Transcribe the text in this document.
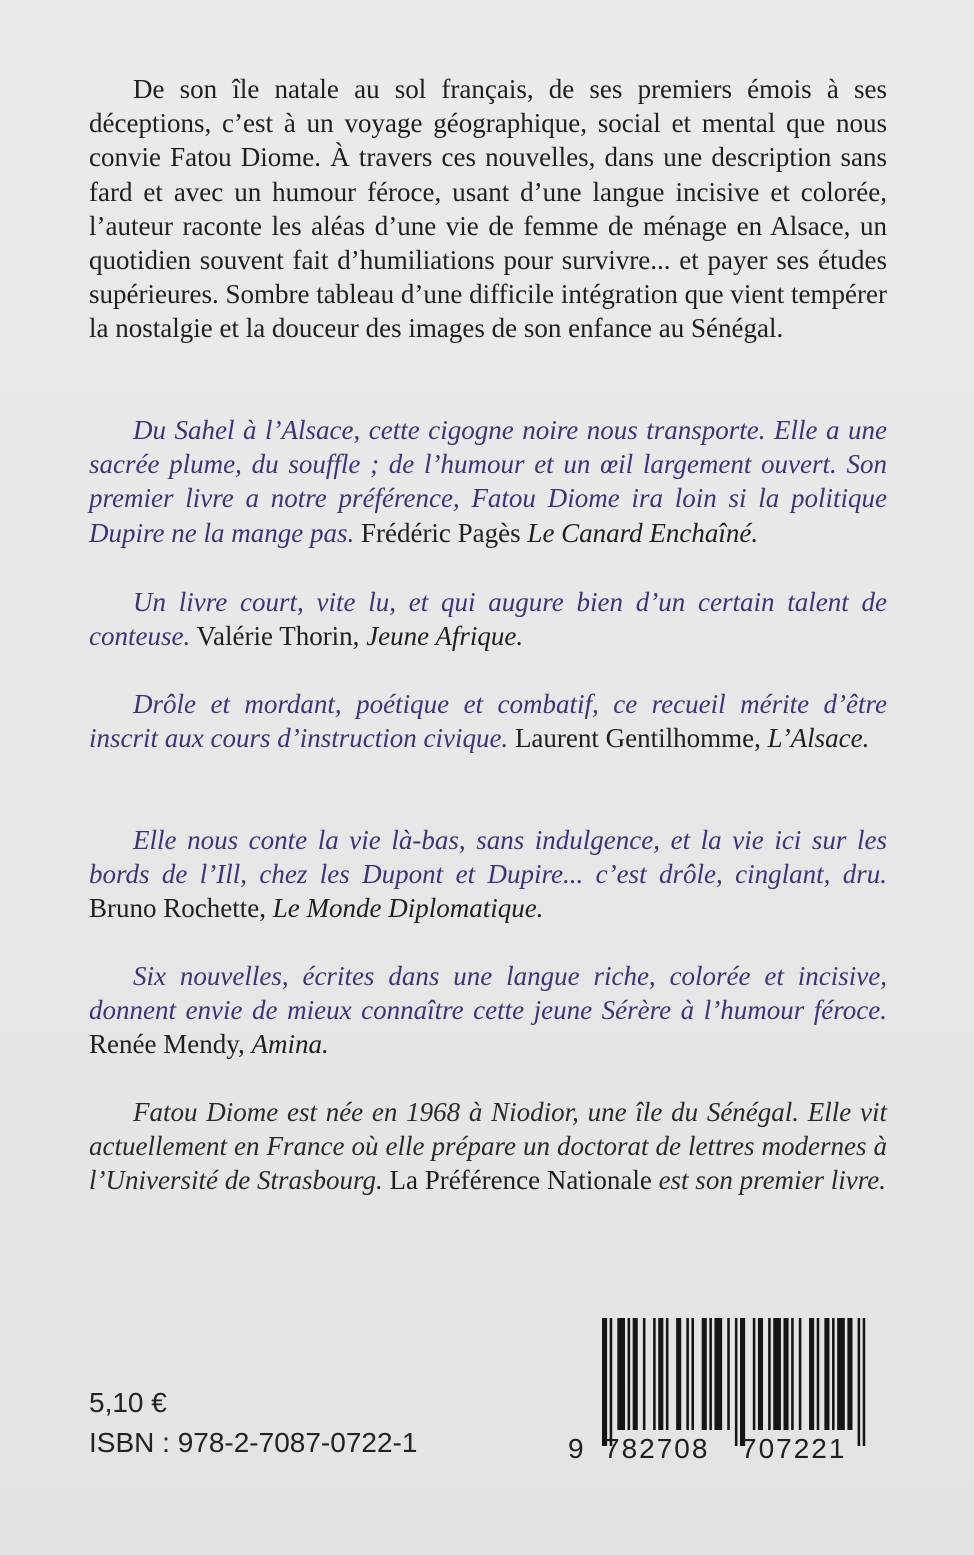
De son île natale au sol français, de ses premiers émois à ses déceptions, c’est à un voyage géographique, social et mental que nous convie Fatou Diome. À travers ces nouvelles, dans une description sans fard et avec un humour féroce, usant d’une langue incisive et colorée, l’auteur raconte les aléas d’une vie de femme de ménage en Alsace, un quotidien souvent fait d’humiliations pour survivre... et payer ses études supérieures. Sombre tableau d’une difficile intégration que vient tempérer la nostalgie et la douceur des images de son enfance au Sénégal.

Du Sahel à l’Alsace, cette cigogne noire nous transporte. Elle a une sacrée plume, du souffle ; de l’humour et un œil largement ouvert. Son premier livre a notre préférence, Fatou Diome ira loin si la politique Dupire ne la mange pas. Frédéric Pagès Le Canard Enchaîné.

Un livre court, vite lu, et qui augure bien d’un certain talent de conteuse. Valérie Thorin, Jeune Afrique.

Drôle et mordant, poétique et combatif, ce recueil mérite d’être inscrit aux cours d’instruction civique. Laurent Gentilhomme, L’Alsace.

Elle nous conte la vie là-bas, sans indulgence, et la vie ici sur les bords de l’Ill, chez les Dupont et Dupire... c’est drôle, cinglant, dru. Bruno Rochette, Le Monde Diplomatique.

Six nouvelles, écrites dans une langue riche, colorée et incisive, donnent envie de mieux connaître cette jeune Sérère à l’humour féroce. Renée Mendy, Amina.

Fatou Diome est née en 1968 à Niodior, une île du Sénégal. Elle vit actuellement en France où elle prépare un doctorat de lettres modernes à l’Université de Strasbourg. La Préférence Nationale est son premier livre.

5,10 €
ISBN : 978-2-7087-0722-1	9 782708 707221
